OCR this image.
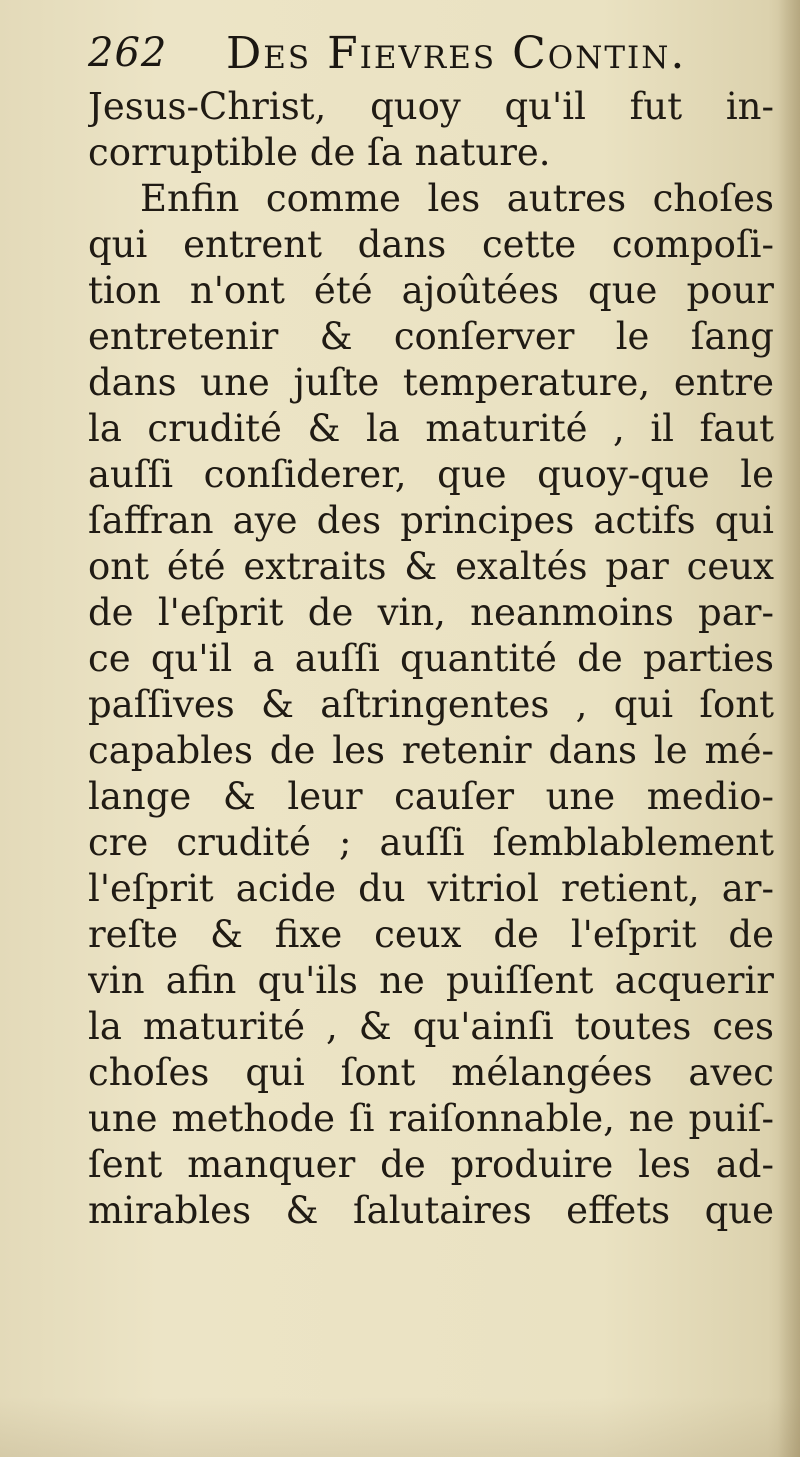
262 Des Fievres Contin.
Jesus-Christ, quoy qu'il fut in-
corruptible de ſa nature.
Enfin comme les autres choſes
qui entrent dans cette compoſi-
tion n'ont été ajoûtées que pour
entretenir & conſerver le ſang
dans une juſte temperature, entre
la crudité & la maturité , il faut
auſſi conſiderer, que quoy-que le
ſaffran aye des principes actifs qui
ont été extraits & exaltés par ceux
de l'eſprit de vin, neanmoins par-
ce qu'il a auſſi quantité de parties
paſſives & aſtringentes , qui ſont
capables de les retenir dans le mé-
lange & leur cauſer une medio-
cre crudité ; auſſi ſemblablement
l'eſprit acide du vitriol retient, ar-
reſte & fixe ceux de l'eſprit de
vin afin qu'ils ne puiſſent acquerir
la maturité , & qu'ainſi toutes ces
choſes qui ſont mélangées avec
une methode ſi raiſonnable, ne puiſ-
ſent manquer de produire les ad-
mirables & ſalutaires effets que
